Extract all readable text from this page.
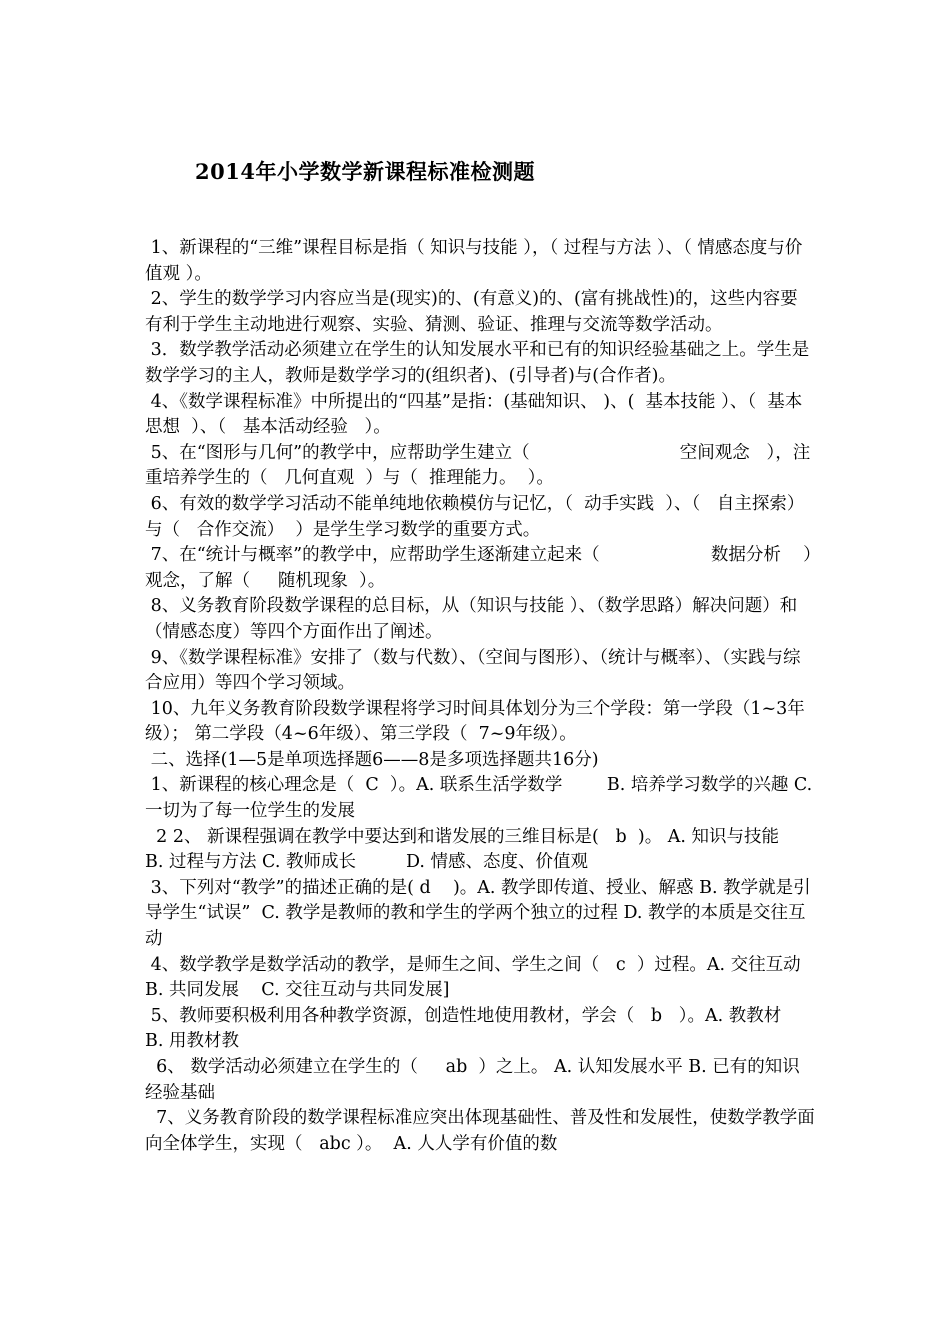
2014年小学数学新课程标准检测题

1、新课程的“三维”课程目标是指（ 知识与技能 ），（ 过程与方法 ）、（ 情感态度与价值观 ）。

2、学生的数学学习内容应当是(现实)的、(有意义)的、(富有挑战性)的，这些内容要有利于学生主动地进行观察、实验、猜测、验证、推理与交流等数学活动。

3．数学教学活动必须建立在学生的认知发展水平和已有的知识经验基础之上。学生是数学学习的主人，教师是数学学习的(组织者)、(引导者)与(合作者)。

4、《数学课程标准》中所提出的“四基”是指：(基础知识、 )、(  基本技能 ）、（  基本思想  ）、（   基本活动经验   ）。

5、在“图形与几何”的教学中，应帮助学生建立（                           空间观念   ），注重培养学生的（   几何直观  ）与（  推理能力。  ）。

6、有效的数学学习活动不能单纯地依赖模仿与记忆，（  动手实践  ）、（   自主探索）与（   合作交流）  ）是学生学习数学的重要方式。

7、在“统计与概率”的教学中，应帮助学生逐渐建立起来（                    数据分析    ）观念，了解（     随机现象  ）。

8、义务教育阶段数学课程的总目标，从（知识与技能 ）、（数学思路）解决问题）和（情感态度）等四个方面作出了阐述。

9、《数学课程标准》安排了（数与代数）、（空间与图形）、（统计与概率）、（实践与综合应用）等四个学习领域。

10、九年义务教育阶段数学课程将学习时间具体划分为三个学段：第一学段（1~3年级）； 第二学段（4~6年级）、第三学段（  7~9年级）。

二、选择(1—5是单项选择题6——8是多项选择题共16分)

1、新课程的核心理念是（  C  ）。A. 联系生活学数学        B. 培养学习数学的兴趣 C. 一切为了每一位学生的发展

2 2、 新课程强调在教学中要达到和谐发展的三维目标是(   b  )。 A. 知识与技能        B. 过程与方法 C. 教师成长         D. 情感、态度、价值观

3、下列对“教学”的描述正确的是( d    )。A. 教学即传道、授业、解惑 B. 教学就是引导学生“试误”  C. 教学是教师的教和学生的学两个独立的过程 D. 教学的本质是交往互动

4、数学教学是数学活动的教学，是师生之间、学生之间（   c  ）过程。A. 交往互动   B. 共同发展    C. 交往互动与共同发展]

5、教师要积极利用各种教学资源，创造性地使用教材，学会（   b   ）。A. 教教材          B. 用教材教

6、 数学活动必须建立在学生的（     ab  ）之上。 A. 认知发展水平 B. 已有的知识经验基础

7、义务教育阶段的数学课程标准应突出体现基础性、普及性和发展性，使数学教学面向全体学生，实现（   abc ）。  A. 人人学有价值的数
